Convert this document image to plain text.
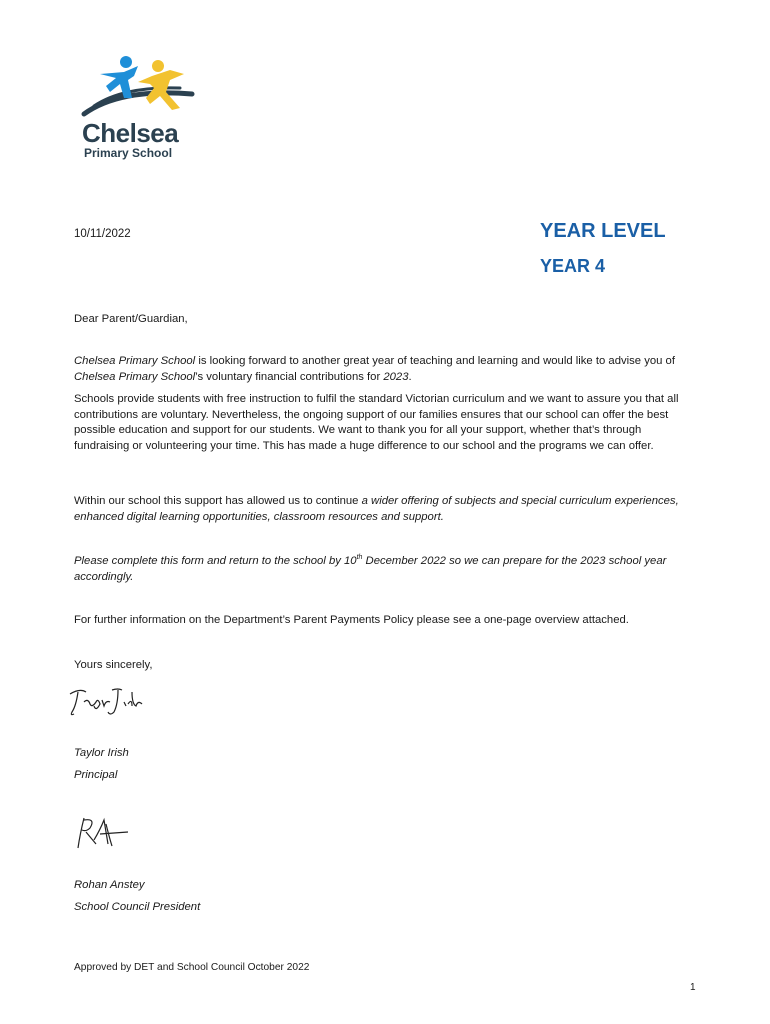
Chelsea
Primary School
10/11/2022	YEAR LEVEL
YEAR 4
Dear Parent/Guardian,
Chelsea Primary School is looking forward to another great year of teaching and learning and would like to advise you of Chelsea Primary School’s voluntary financial contributions for 2023.
Schools provide students with free instruction to fulfil the standard Victorian curriculum and we want to assure you that all contributions are voluntary. Nevertheless, the ongoing support of our families ensures that our school can offer the best possible education and support for our students. We want to thank you for all your support, whether that’s through fundraising or volunteering your time. This has made a huge difference to our school and the programs we can offer.
Within our school this support has allowed us to continue a wider offering of subjects and special curriculum experiences, enhanced digital learning opportunities, classroom resources and support.
Please complete this form and return to the school by 10th December 2022 so we can prepare for the 2023 school year accordingly.
For further information on the Department’s Parent Payments Policy please see a one-page overview attached.
Yours sincerely,
Taylor Irish
Principal
Rohan Anstey
School Council President
Approved by DET and School Council October 2022
1
